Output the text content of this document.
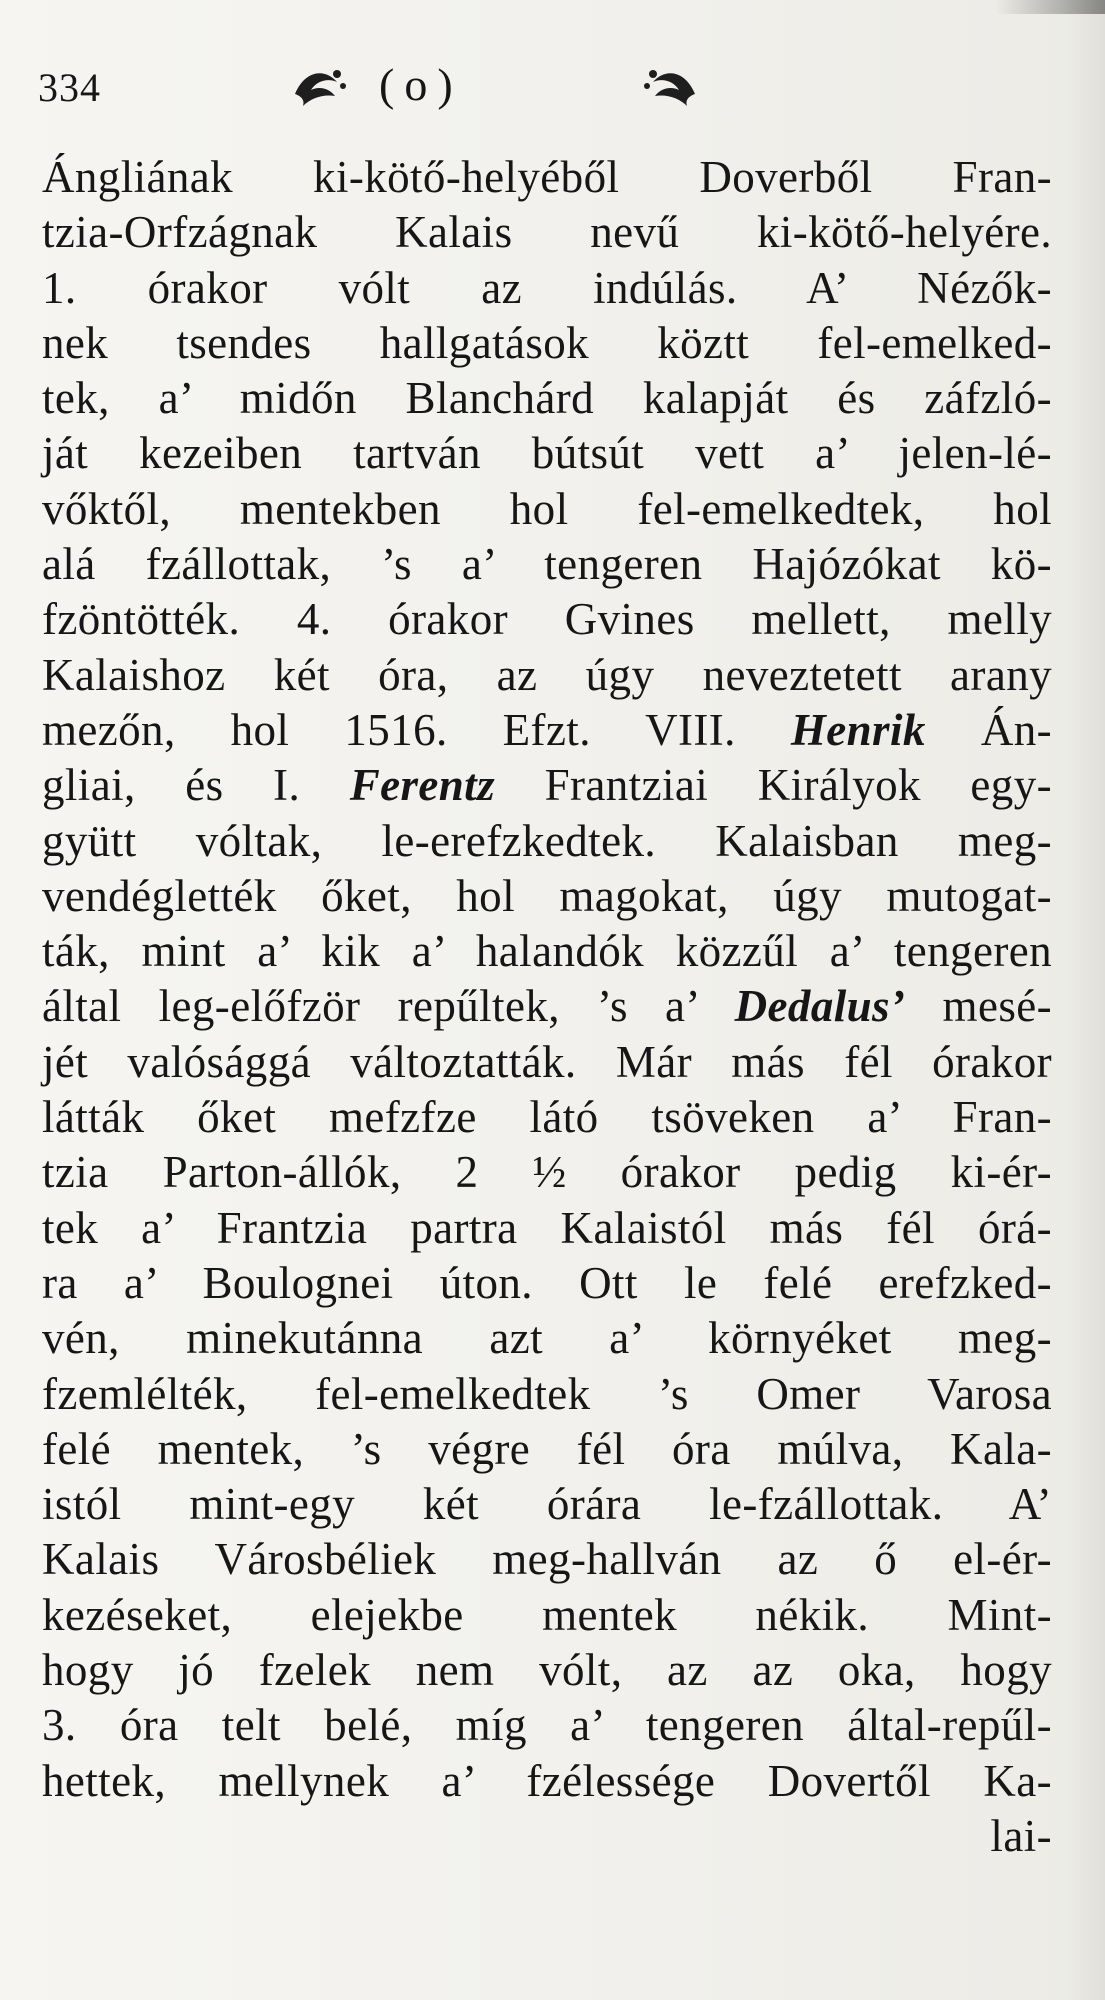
334	(o)
Ángliának ki-kötő-helyéből Doverből Fran-
tzia-Orfzágnak Kalais nevű ki-kötő-helyére.
1. órakor vólt az indúlás. A’ Nézők-
nek tsendes hallgatások köztt fel-emelked-
tek, a’ midőn Blanchárd kalapját és záfzló-
ját kezeiben tartván bútsút vett a’ jelen-lé-
vőktől, mentekben hol fel-emelkedtek, hol
alá fzállottak, ’s a’ tengeren Hajózókat kö-
fzöntötték. 4. órakor Gvines mellett, melly
Kalaishoz két óra, az úgy neveztetett arany
mezőn, hol 1516. Efzt. VIII. Henrik Án-
gliai, és I. Ferentz Frantziai Királyok egy-
gyütt vóltak, le-erefzkedtek. Kalaisban meg-
vendéglették őket, hol magokat, úgy mutogat-
ták, mint a’ kik a’ halandók közzűl a’ tengeren
által leg-előfzör repűltek, ’s a’ Dedalus’ mesé-
jét valósággá változtatták. Már más fél órakor
látták őket mefzfze látó tsöveken a’ Fran-
tzia Parton-állók, 2 ½ órakor pedig ki-ér-
tek a’ Frantzia partra Kalaistól más fél órá-
ra a’ Boulognei úton. Ott le felé erefzked-
vén, minekutánna azt a’ környéket meg-
fzemlélték, fel-emelkedtek ’s Omer Varosa
felé mentek, ’s végre fél óra múlva, Kala-
istól mint-egy két órára le-fzállottak. A’
Kalais Városbéliek meg-hallván az ő el-ér-
kezéseket, elejekbe mentek nékik. Mint-
hogy jó fzelek nem vólt, az az oka, hogy
3. óra telt belé, míg a’ tengeren által-repűl-
hettek, mellynek a’ fzélessége Dovertől Ka-
lai-
